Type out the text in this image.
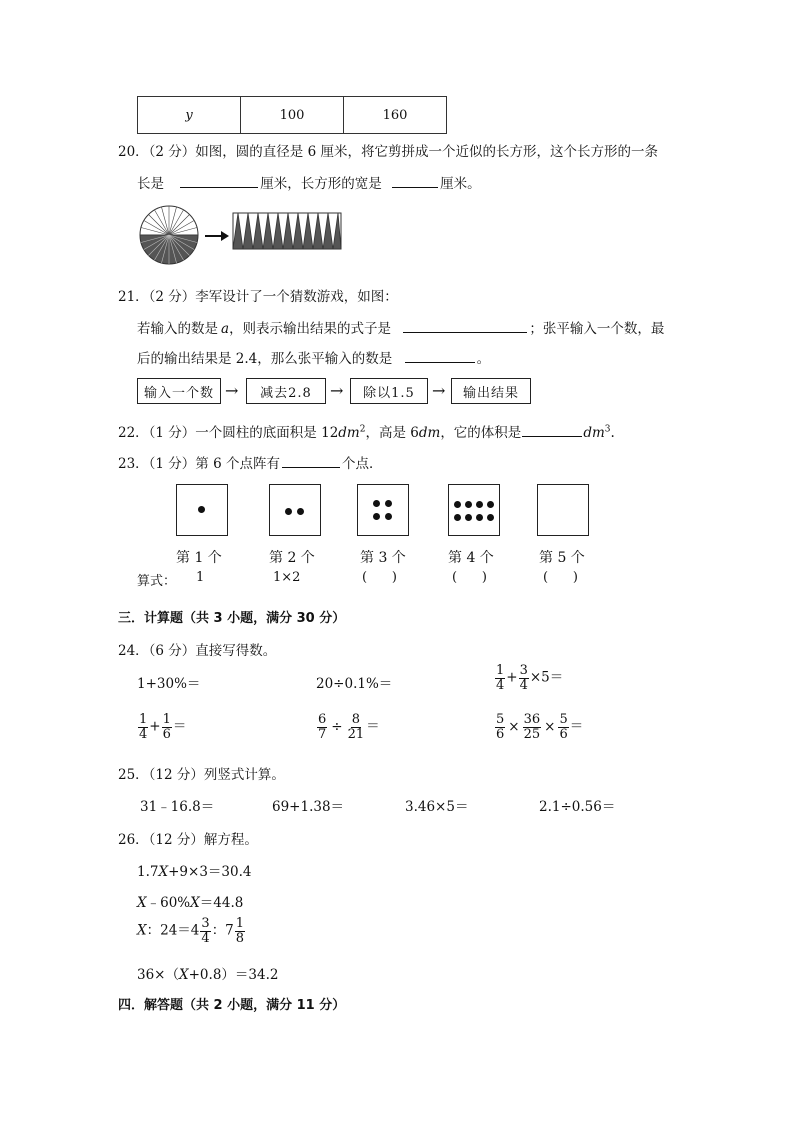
y	100	160
20．（2 分）如图，圆的直径是 6 厘米，将它剪拼成一个近似的长方形，这个长方形的一条
长是	厘米，长方形的宽是	厘米。
21．（2 分）李军设计了一个猜数游戏，如图：
若输入的数是 a，则表示输出结果的式子是	；张平输入一个数，最
后的输出结果是 2.4，那么张平输入的数是	。
输入一个数 →	减去2.8	→	除以1.5	→	输出结果
22．（1 分）一个圆柱的底面积是 $12dm^2$，高是 6dm，它的体积是	$dm^3$.
23．（1 分）第 6 个点阵有	个点．
第 1 个	第 2 个	第 3 个	第 4 个	第 5 个
算式： 1	1×2	(      )	(      )	(      )
三．计算题（共 3 小题，满分 30 分）
24．（6 分）直接写得数。
1+30%＝	20÷0.1%＝	$\frac{1}{4} + \frac{3}{4} \times 5=$
$\frac{1}{4} + \frac{1}{6}$ ＝	$\frac{6}{7} \div \frac{8}{21}$ ＝	$\frac{5}{6} \times \frac{36}{25} \times \frac{5}{6}$ ＝
25．（12 分）列竖式计算。
31﹣16.8＝	69+1.38＝	3.46×5＝	2.1÷0.56＝
26．（12 分）解方程。
1.7X+9×3＝30.4
X﹣60%X＝44.8
X：$24=4 \frac{3}{4}$ ：$7 \frac{1}{8}$
36×（X+0.8）＝34.2
四．解答题（共 2 小题，满分 11 分）
